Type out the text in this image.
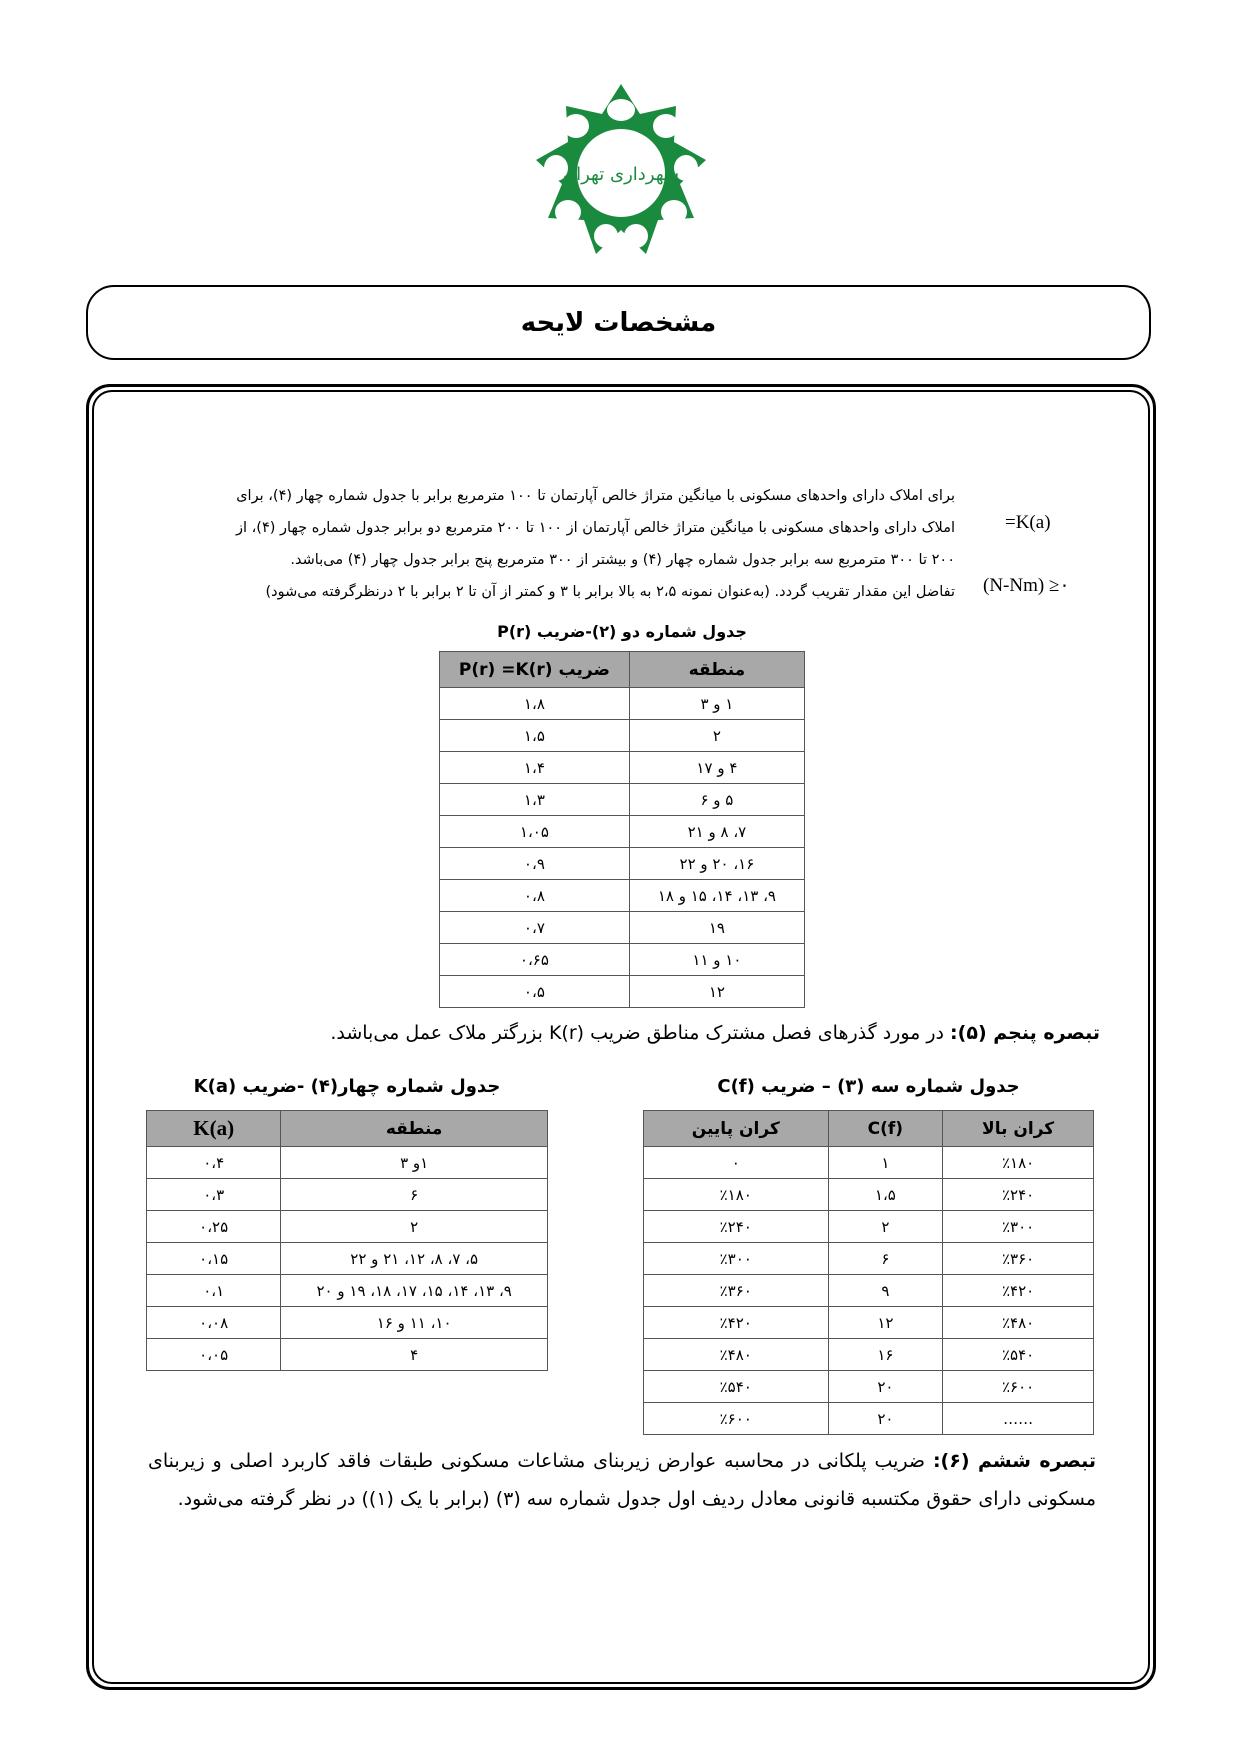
شهرداری تهران
مشخصات لایحه
برای املاک دارای واحدهای مسکونی با میانگین متراژ خالص آپارتمان تا ۱۰۰ مترمربع برابر با جدول شماره چهار (۴)، برای
املاک دارای واحدهای مسکونی با میانگین متراژ خالص آپارتمان از ۱۰۰ تا ۲۰۰ مترمربع دو برابر جدول شماره چهار (۴)، از
۲۰۰ تا ۳۰۰ مترمربع سه برابر جدول شماره چهار (۴) و بیشتر از ۳۰۰ مترمربع پنج برابر جدول چهار (۴) می‌باشد.
تفاضل این مقدار تقریب گردد. (به‌عنوان نمونه ۲،۵ به بالا برابر با ۳ و کمتر از آن تا ۲ برابر با ۲ درنظرگرفته می‌شود)
=K(a)
(N-Nm) ≥۰
جدول شماره دو (۲)-ضریب P(r)
منطقه	ضریب P(r) =K(r)
۱ و ۳	۱،۸
۲	۱،۵
۴ و ۱۷	۱،۴
۵ و ۶	۱،۳
۷، ۸ و ۲۱	۱،۰۵
۱۶، ۲۰ و ۲۲	۰،۹
۹، ۱۳، ۱۴، ۱۵ و ۱۸	۰،۸
۱۹	۰،۷
۱۰ و ۱۱	۰،۶۵
۱۲	۰،۵
تبصره پنجم (۵): در مورد گذرهای فصل مشترک مناطق ضریب K(r) بزرگتر ملاک عمل می‌باشد.
جدول شماره سه (۳) – ضریب C(f)
کران بالا	C(f)	کران پایین
٪۱۸۰	۱	۰
٪۲۴۰	۱،۵	٪۱۸۰
٪۳۰۰	۲	٪۲۴۰
٪۳۶۰	۶	٪۳۰۰
٪۴۲۰	۹	٪۳۶۰
٪۴۸۰	۱۲	٪۴۲۰
٪۵۴۰	۱۶	٪۴۸۰
٪۶۰۰	۲۰	٪۵۴۰
……	۲۰	٪۶۰۰
جدول شماره چهار(۴) -ضریب K(a)
منطقه	K(a)
۱و ۳	۰،۴
۶	۰،۳
۲	۰،۲۵
۵، ۷، ۸، ۱۲، ۲۱ و ۲۲	۰،۱۵
۹، ۱۳، ۱۴، ۱۵، ۱۷، ۱۸، ۱۹ و ۲۰	۰،۱
۱۰، ۱۱ و ۱۶	۰،۰۸
۴	۰،۰۵
تبصره ششم (۶): ضریب پلکانی در محاسبه عوارض زیربنای مشاعات مسکونی طبقات فاقد کاربرد اصلی و زیربنای مسکونی دارای حقوق مکتسبه قانونی معادل ردیف اول جدول شماره سه (۳) (برابر با یک (۱)) در نظر گرفته می‌شود.
